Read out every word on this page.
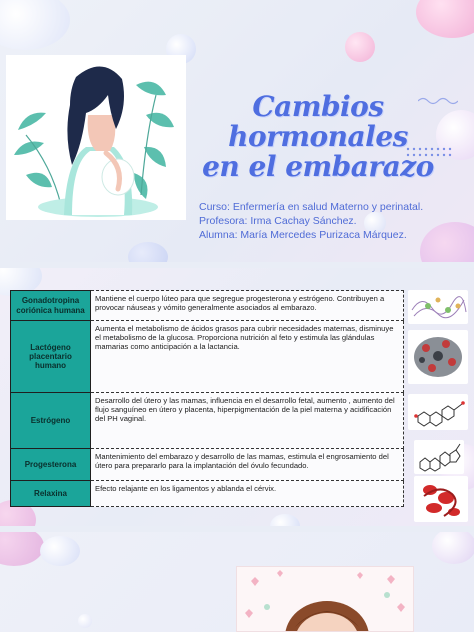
Cambios hormonales
en el embarazo
Curso: Enfermería en salud Materno y perinatal.
Profesora: Irma Cachay Sánchez.
Alumna: María Mercedes Purizaca Márquez.
Gonadotropina coriónica humana	Mantiene el cuerpo lúteo para que segregue progesterona y estrógeno. Contribuyen a provocar náuseas y vómito generalmente asociados al embarazo.
Lactógeno placentario humano	Aumenta el metabolismo de ácidos grasos para cubrir necesidades maternas, disminuye el metabolismo de la glucosa. Proporciona nutrición al feto y estimula las glándulas mamarias como anticipación a la lactancia.
Estrógeno	Desarrollo del útero y las mamas, influencia en el desarrollo fetal, aumento , aumento del flujo sanguíneo en útero y placenta, hiperpigmentación de la piel materna y acidificación del PH vaginal.
Progesterona	Mantenimiento del embarazo y desarrollo de las mamas, estimula el engrosamiento del útero para prepararlo para la implantación del óvulo fecundado.
Relaxina	Efecto relajante en los ligamentos y ablanda el cérvix.
